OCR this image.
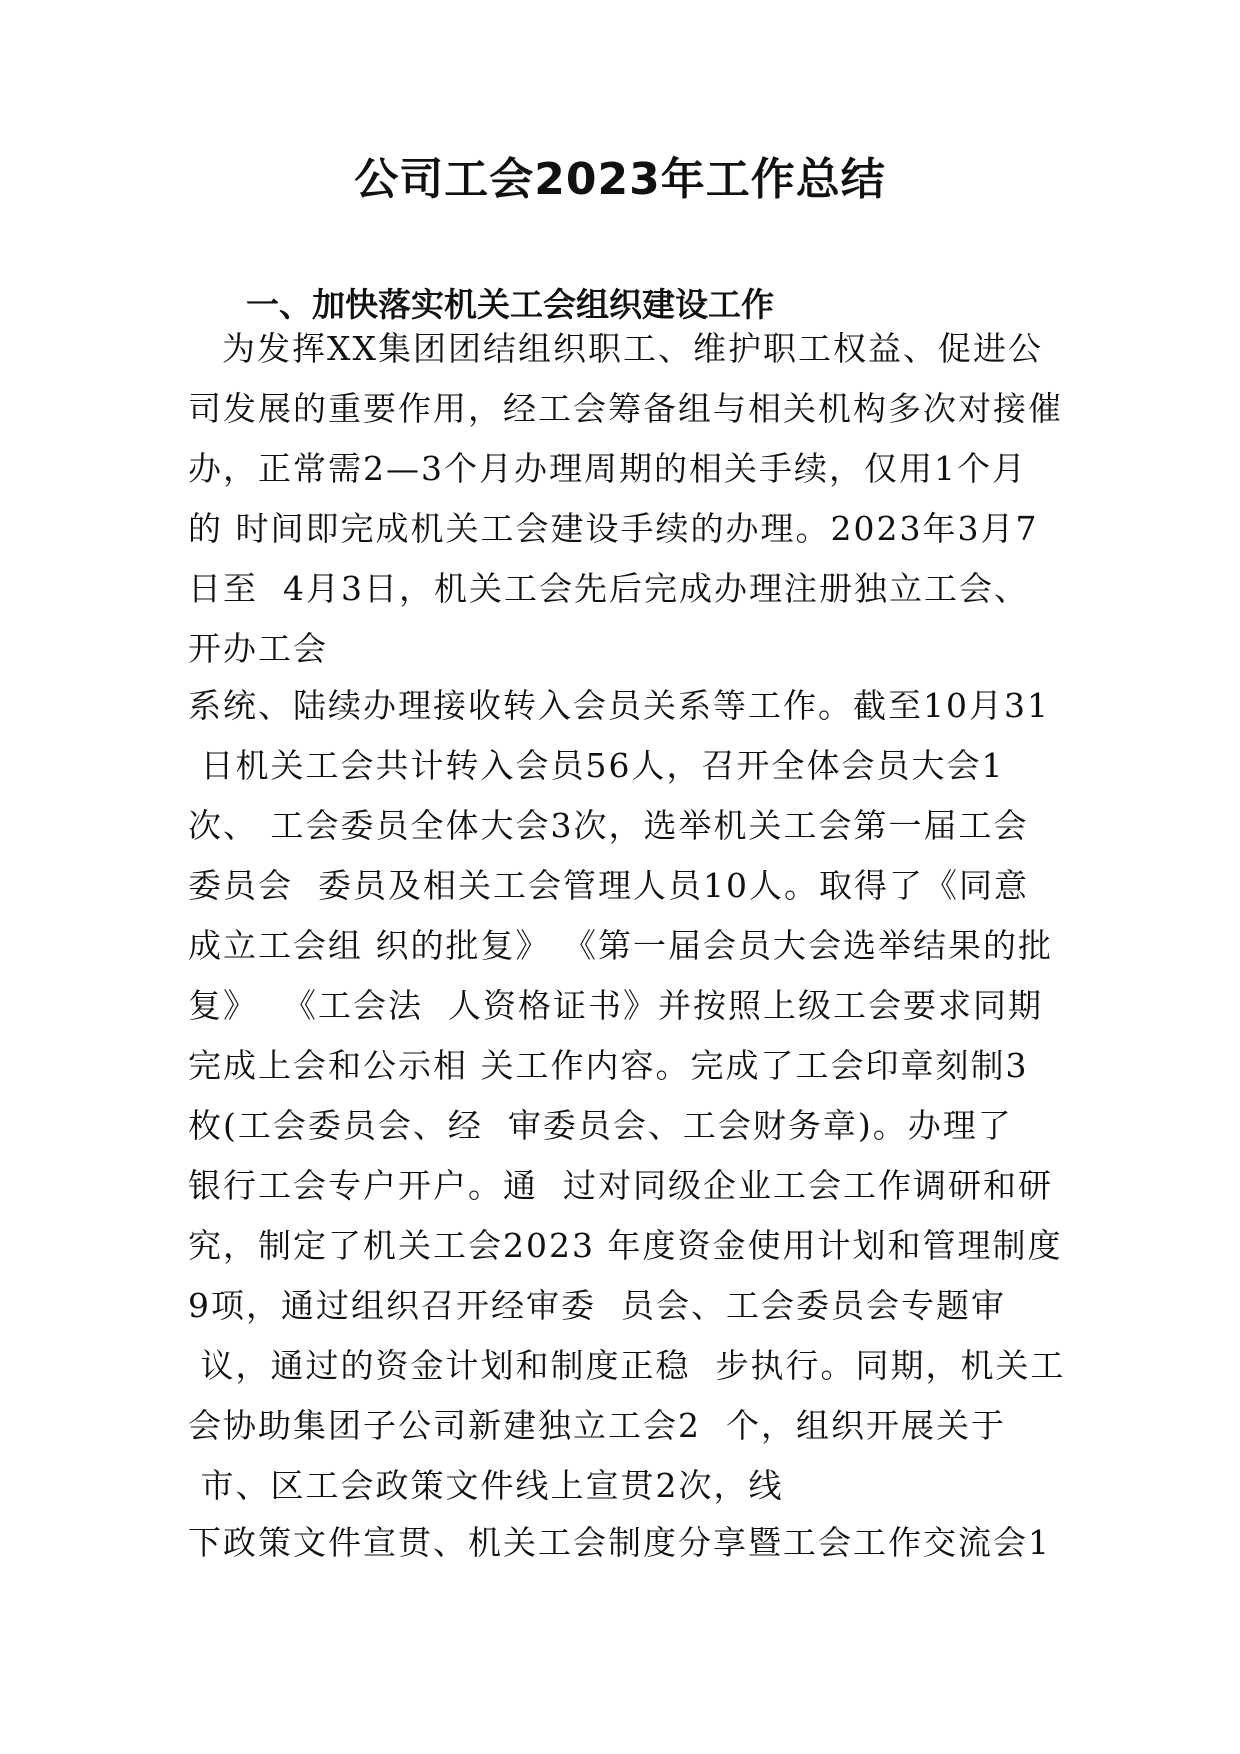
公司工会2023年工作总结
一、加快落实机关工会组织建设工作
为发挥XX集团团结组织职工、维护职工权益、促进公
司发展的重要作用，经工会筹备组与相关机构多次对接催
办，正常需2—3个月办理周期的相关手续，仅用1个月
的 时间即完成机关工会建设手续的办理。2023年3月7
日至  4月3日，机关工会先后完成办理注册独立工会、
开办工会
系统、陆续办理接收转入会员关系等工作。截至10月31
日机关工会共计转入会员56人，召开全体会员大会1
次、 工会委员全体大会3次，选举机关工会第一届工会
委员会  委员及相关工会管理人员10人。取得了《同意
成立工会组 织的批复》 《第一届会员大会选举结果的批
复》  《工会法  人资格证书》并按照上级工会要求同期
完成上会和公示相 关工作内容。完成了工会印章刻制3
枚(工会委员会、经  审委员会、工会财务章)。办理了
银行工会专户开户。通  过对同级企业工会工作调研和研
究，制定了机关工会2023 年度资金使用计划和管理制度
9项，通过组织召开经审委  员会、工会委员会专题审
议，通过的资金计划和制度正稳  步执行。同期，机关工
会协助集团子公司新建独立工会2  个，组织开展关于
市、区工会政策文件线上宣贯2次，线
下政策文件宣贯、机关工会制度分享暨工会工作交流会1
